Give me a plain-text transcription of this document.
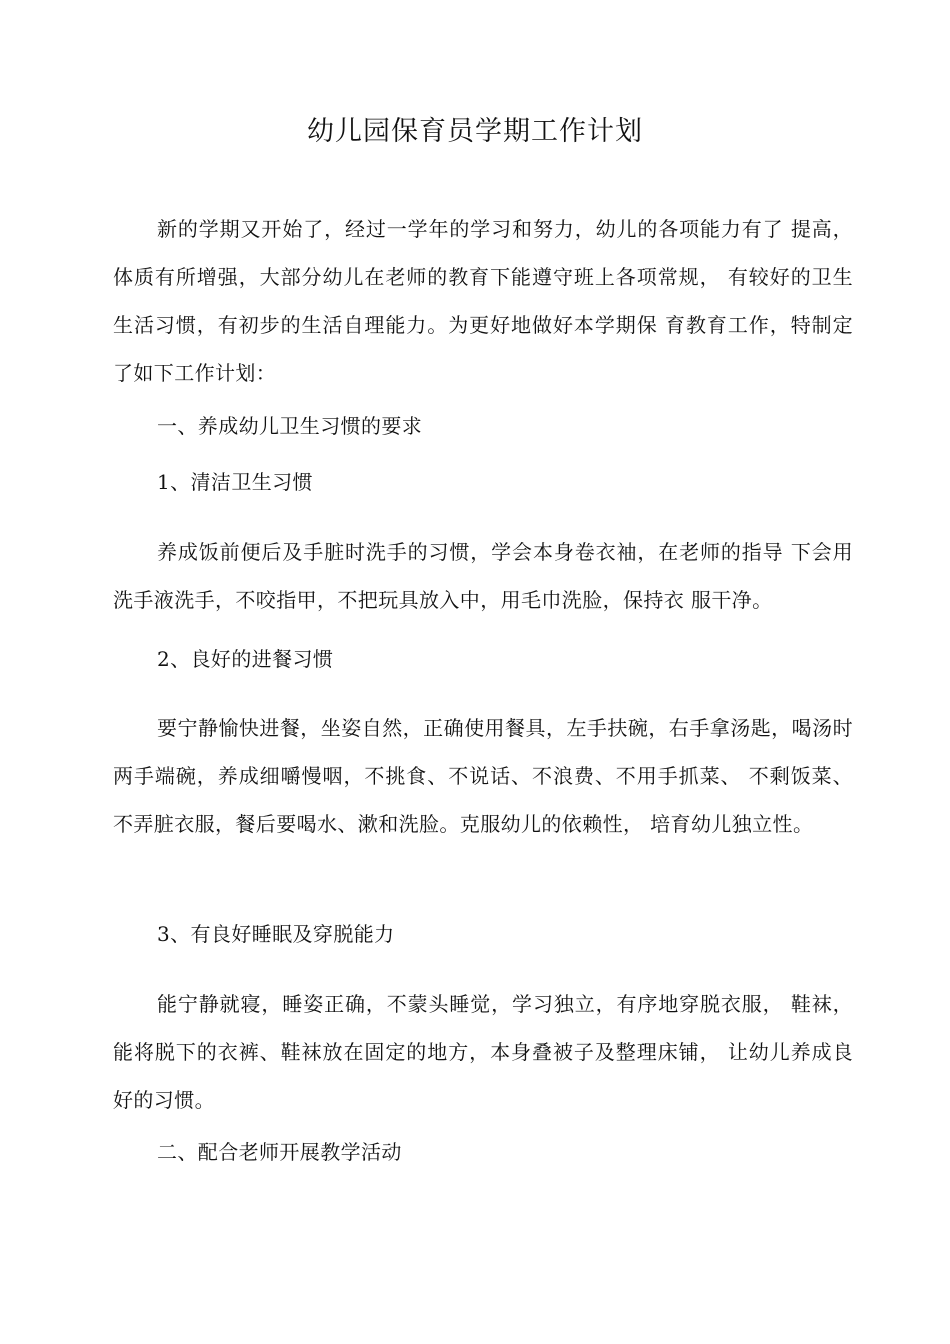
幼儿园保育员学期工作计划
新的学期又开始了，经过一学年的学习和努力，幼儿的各项能力有了 提高，体质有所增强，大部分幼儿在老师的教育下能遵守班上各项常规， 有较好的卫生生活习惯，有初步的生活自理能力。为更好地做好本学期保 育教育工作，特制定了如下工作计划：
一、养成幼儿卫生习惯的要求
1、清洁卫生习惯
养成饭前便后及手脏时洗手的习惯，学会本身卷衣袖，在老师的指导 下会用洗手液洗手，不咬指甲，不把玩具放入中，用毛巾洗脸，保持衣 服干净。
2、良好的进餐习惯
要宁静愉快进餐，坐姿自然，正确使用餐具，左手扶碗，右手拿汤匙，喝汤时两手端碗，养成细嚼慢咽，不挑食、不说话、不浪费、不用手抓菜、 不剩饭菜、不弄脏衣服，餐后要喝水、漱和洗脸。克服幼儿的依赖性， 培育幼儿独立性。
3、有良好睡眠及穿脱能力
能宁静就寝，睡姿正确，不蒙头睡觉，学习独立，有序地穿脱衣服， 鞋袜，能将脱下的衣裤、鞋袜放在固定的地方，本身叠被子及整理床铺， 让幼儿养成良好的习惯。
二、配合老师开展教学活动
